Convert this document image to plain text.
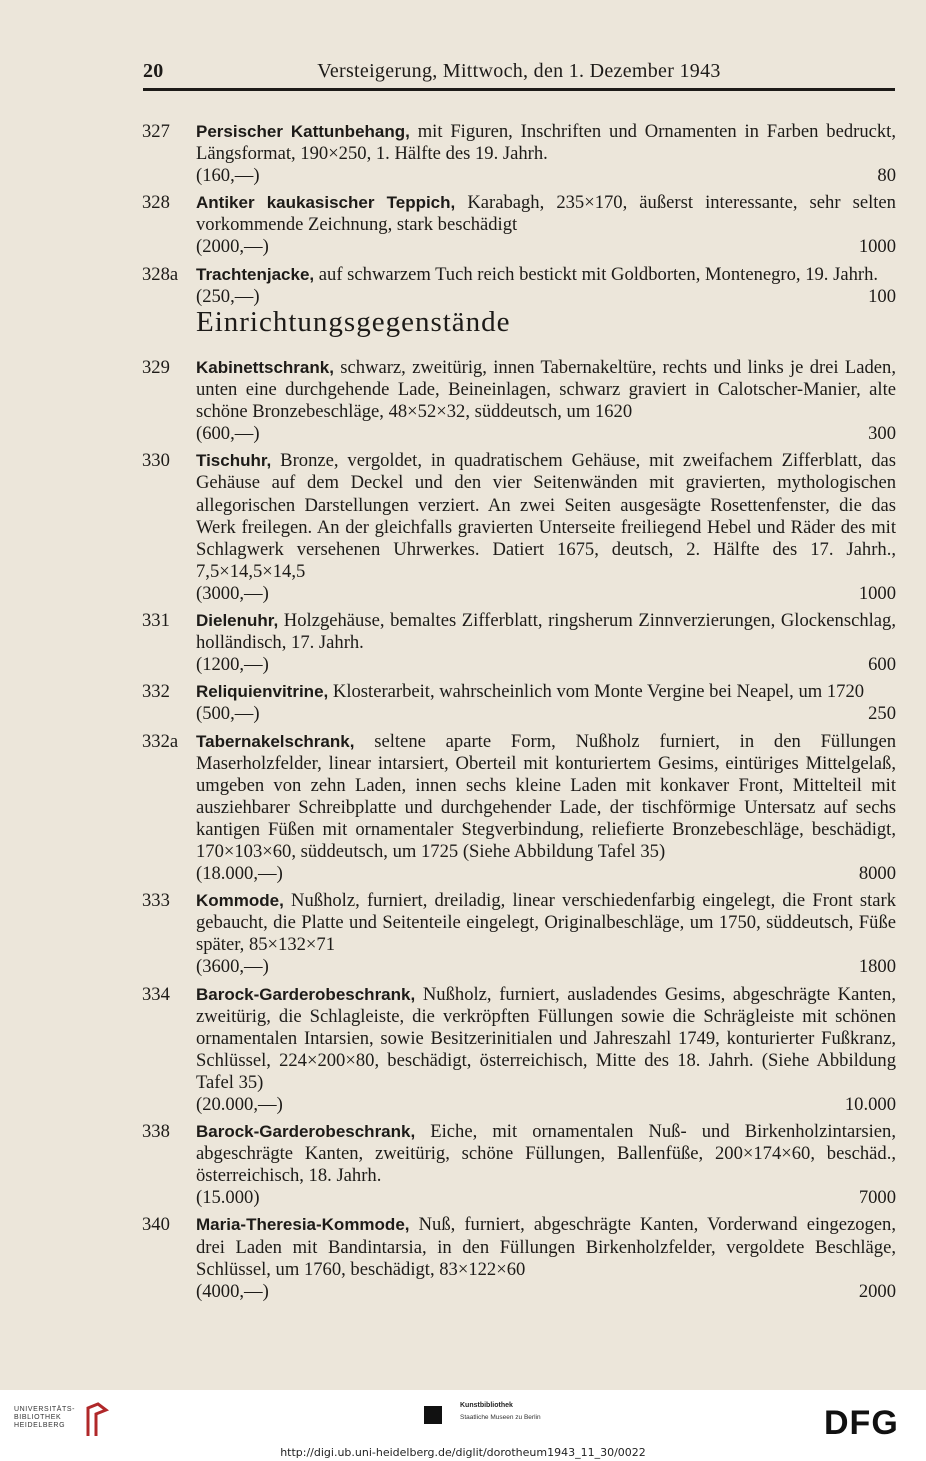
20	Versteigerung, Mittwoch, den 1. Dezember 1943
327 Persischer Kattunbehang, mit Figuren, Inschriften und Ornamenten in Farben bedruckt, Längsformat, 190×250, 1. Hälfte des 19. Jahrh.
(160,—)	80
328 Antiker kaukasischer Teppich, Karabagh, 235×170, äußerst interessante, sehr selten vorkommende Zeichnung, stark beschädigt
(2000,—)	1000
328a Trachtenjacke, auf schwarzem Tuch reich bestickt mit Goldborten, Montenegro, 19. Jahrh.
(250,—)	100
Einrichtungsgegenstände
329 Kabinettschrank, schwarz, zweitürig, innen Tabernakeltüre, rechts und links je drei Laden, unten eine durchgehende Lade, Beineinlagen, schwarz graviert in Calotscher-Manier, alte schöne Bronzebeschläge, 48×52×32, süddeutsch, um 1620
(600,—)	300
330 Tischuhr, Bronze, vergoldet, in quadratischem Gehäuse, mit zweifachem Zifferblatt, das Gehäuse auf dem Deckel und den vier Seitenwänden mit gravierten, mythologischen allegorischen Darstellungen verziert. An zwei Seiten ausgesägte Rosettenfenster, die das Werk freilegen. An der gleichfalls gravierten Unterseite freiliegend Hebel und Räder des mit Schlagwerk versehenen Uhrwerkes. Datiert 1675, deutsch, 2. Hälfte des 17. Jahrh., 7,5×14,5×14,5
(3000,—)	1000
331 Dielenuhr, Holzgehäuse, bemaltes Zifferblatt, ringsherum Zinnverzierungen, Glockenschlag, holländisch, 17. Jahrh.
(1200,—)	600
332 Reliquienvitrine, Klosterarbeit, wahrscheinlich vom Monte Vergine bei Neapel, um 1720
(500,—)	250
332a Tabernakelschrank, seltene aparte Form, Nußholz furniert, in den Füllungen Maserholzfelder, linear intarsiert, Oberteil mit konturiertem Gesims, eintüriges Mittelgelaß, umgeben von zehn Laden, innen sechs kleine Laden mit konkaver Front, Mittelteil mit ausziehbarer Schreibplatte und durchgehender Lade, der tischförmige Untersatz auf sechs kantigen Füßen mit ornamentaler Stegverbindung, reliefierte Bronzebeschläge, beschädigt, 170×103×60, süddeutsch, um 1725 (Siehe Abbildung Tafel 35)
(18.000,—)	8000
333 Kommode, Nußholz, furniert, dreiladig, linear verschiedenfarbig eingelegt, die Front stark gebaucht, die Platte und Seitenteile eingelegt, Originalbeschläge, um 1750, süddeutsch, Füße später, 85×132×71
(3600,—)	1800
334 Barock-Garderobeschrank, Nußholz, furniert, ausladendes Gesims, abgeschrägte Kanten, zweitürig, die Schlagleiste, die verkröpften Füllungen sowie die Schrägleiste mit schönen ornamentalen Intarsien, sowie Besitzerinitialen und Jahreszahl 1749, konturierter Fußkranz, Schlüssel, 224×200×80, beschädigt, österreichisch, Mitte des 18. Jahrh. (Siehe Abbildung Tafel 35)
(20.000,—)	10.000
338 Barock-Garderobeschrank, Eiche, mit ornamentalen Nuß- und Birkenholzintarsien, abgeschrägte Kanten, zweitürig, schöne Füllungen, Ballenfüße, 200×174×60, beschäd., österreichisch, 18. Jahrh.
(15.000)	7000
340 Maria-Theresia-Kommode, Nuß, furniert, abgeschrägte Kanten, Vorderwand eingezogen, drei Laden mit Bandintarsia, in den Füllungen Birkenholzfelder, vergoldete Beschläge, Schlüssel, um 1760, beschädigt, 83×122×60
(4000,—)	2000
UNIVERSITÄTS-
BIBLIOTHEK
HEIDELBERG
Kunstbibliothek
Staatliche Museen zu Berlin	DFG
http://digi.ub.uni-heidelberg.de/diglit/dorotheum1943_11_30/0022
